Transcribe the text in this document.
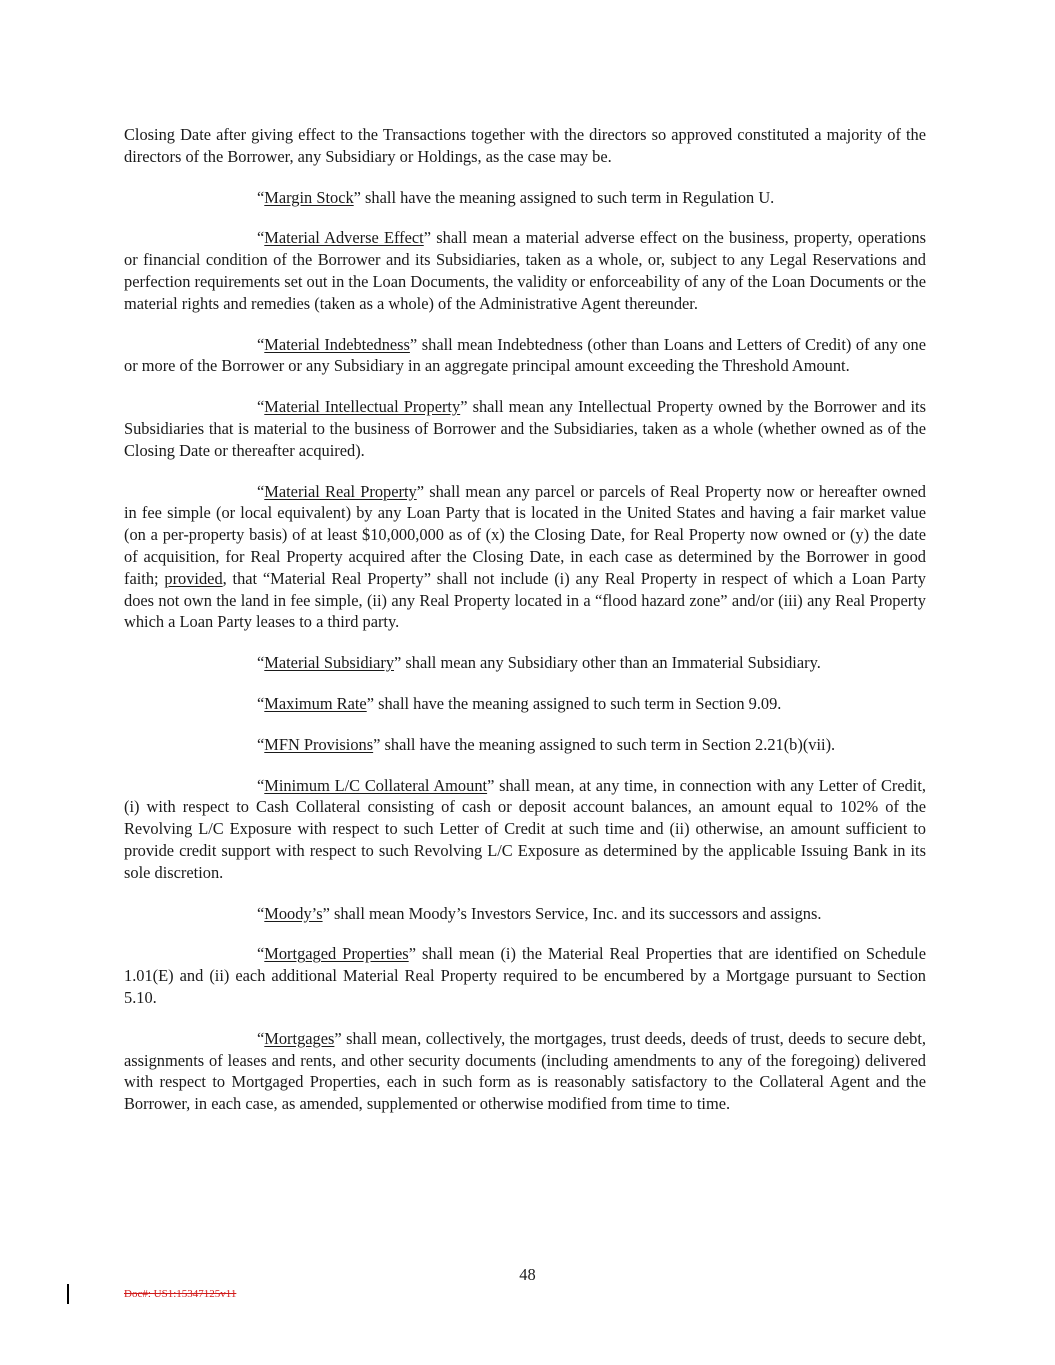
Closing Date after giving effect to the Transactions together with the directors so approved constituted a majority of the directors of the Borrower, any Subsidiary or Holdings, as the case may be.

“Margin Stock” shall have the meaning assigned to such term in Regulation U.

“Material Adverse Effect” shall mean a material adverse effect on the business, property, operations or financial condition of the Borrower and its Subsidiaries, taken as a whole, or, subject to any Legal Reservations and perfection requirements set out in the Loan Documents, the validity or enforceability of any of the Loan Documents or the material rights and remedies (taken as a whole) of the Administrative Agent thereunder.

“Material Indebtedness” shall mean Indebtedness (other than Loans and Letters of Credit) of any one or more of the Borrower or any Subsidiary in an aggregate principal amount exceeding the Threshold Amount.

“Material Intellectual Property” shall mean any Intellectual Property owned by the Borrower and its Subsidiaries that is material to the business of Borrower and the Subsidiaries, taken as a whole (whether owned as of the Closing Date or thereafter acquired).

“Material Real Property” shall mean any parcel or parcels of Real Property now or hereafter owned in fee simple (or local equivalent) by any Loan Party that is located in the United States and having a fair market value (on a per-property basis) of at least $10,000,000 as of (x) the Closing Date, for Real Property now owned or (y) the date of acquisition, for Real Property acquired after the Closing Date, in each case as determined by the Borrower in good faith; provided, that “Material Real Property” shall not include (i) any Real Property in respect of which a Loan Party does not own the land in fee simple, (ii) any Real Property located in a “flood hazard zone” and/or (iii) any Real Property which a Loan Party leases to a third party.

“Material Subsidiary” shall mean any Subsidiary other than an Immaterial Subsidiary.

“Maximum Rate” shall have the meaning assigned to such term in Section 9.09.

“MFN Provisions” shall have the meaning assigned to such term in Section 2.21(b)(vii).

“Minimum L/C Collateral Amount” shall mean, at any time, in connection with any Letter of Credit, (i) with respect to Cash Collateral consisting of cash or deposit account balances, an amount equal to 102% of the Revolving L/C Exposure with respect to such Letter of Credit at such time and (ii) otherwise, an amount sufficient to provide credit support with respect to such Revolving L/C Exposure as determined by the applicable Issuing Bank in its sole discretion.

“Moody’s” shall mean Moody’s Investors Service, Inc. and its successors and assigns.

“Mortgaged Properties” shall mean (i) the Material Real Properties that are identified on Schedule 1.01(E) and (ii) each additional Material Real Property required to be encumbered by a Mortgage pursuant to Section 5.10.

“Mortgages” shall mean, collectively, the mortgages, trust deeds, deeds of trust, deeds to secure debt, assignments of leases and rents, and other security documents (including amendments to any of the foregoing) delivered with respect to Mortgaged Properties, each in such form as is reasonably satisfactory to the Collateral Agent and the Borrower, in each case, as amended, supplemented or otherwise modified from time to time.

48
Doc#: US1:15347125v11
